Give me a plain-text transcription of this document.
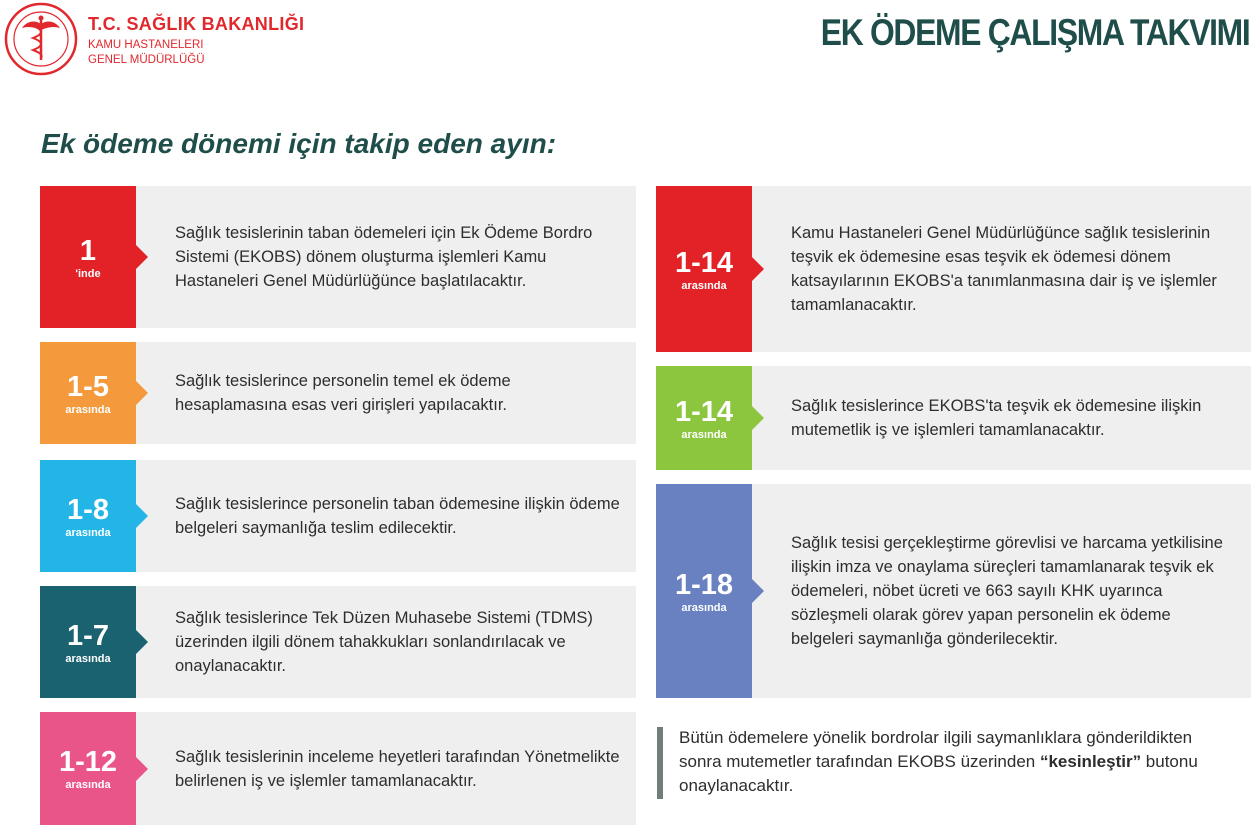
T.C. SAĞLIK BAKANLIĞI
KAMU HASTANELERI
GENEL MÜDÜRLÜĞÜ
EK ÖDEME ÇALIŞMA TAKVIMI
Ek ödeme dönemi için takip eden ayın:
1
'inde
Sağlık tesislerinin taban ödemeleri için Ek Ödeme Bordro Sistemi (EKOBS) dönem oluşturma işlemleri Kamu Hastaneleri Genel Müdürlüğünce başlatılacaktır.
1-5
arasında
Sağlık tesislerince personelin temel ek ödeme hesaplamasına esas veri girişleri yapılacaktır.
1-8
arasında
Sağlık tesislerince personelin taban ödemesine ilişkin ödeme belgeleri saymanlığa teslim edilecektir.
1-7
arasında
Sağlık tesislerince Tek Düzen Muhasebe Sistemi (TDMS) üzerinden ilgili dönem tahakkukları sonlandırılacak ve onaylanacaktır.
1-12
arasında
Sağlık tesislerinin inceleme heyetleri tarafından Yönetmelikte belirlenen iş ve işlemler tamamlanacaktır.
1-14
arasında
Kamu Hastaneleri Genel Müdürlüğünce sağlık tesislerinin teşvik ek ödemesine esas teşvik ek ödemesi dönem katsayılarının EKOBS'a tanımlanmasına dair iş ve işlemler tamamlanacaktır.
1-14
arasında
Sağlık tesislerince EKOBS'ta teşvik ek ödemesine ilişkin mutemetlik iş ve işlemleri tamamlanacaktır.
1-18
arasında
Sağlık tesisi gerçekleştirme görevlisi ve harcama yetkilisine ilişkin imza ve onaylama süreçleri tamamlanarak teşvik ek ödemeleri, nöbet ücreti ve 663 sayılı KHK uyarınca sözleşmeli olarak görev yapan personelin ek ödeme belgeleri saymanlığa gönderilecektir.
Bütün ödemelere yönelik bordrolar ilgili saymanlıklara gönderildikten sonra mutemetler tarafından EKOBS üzerinden “kesinleştir” butonu onaylanacaktır.
